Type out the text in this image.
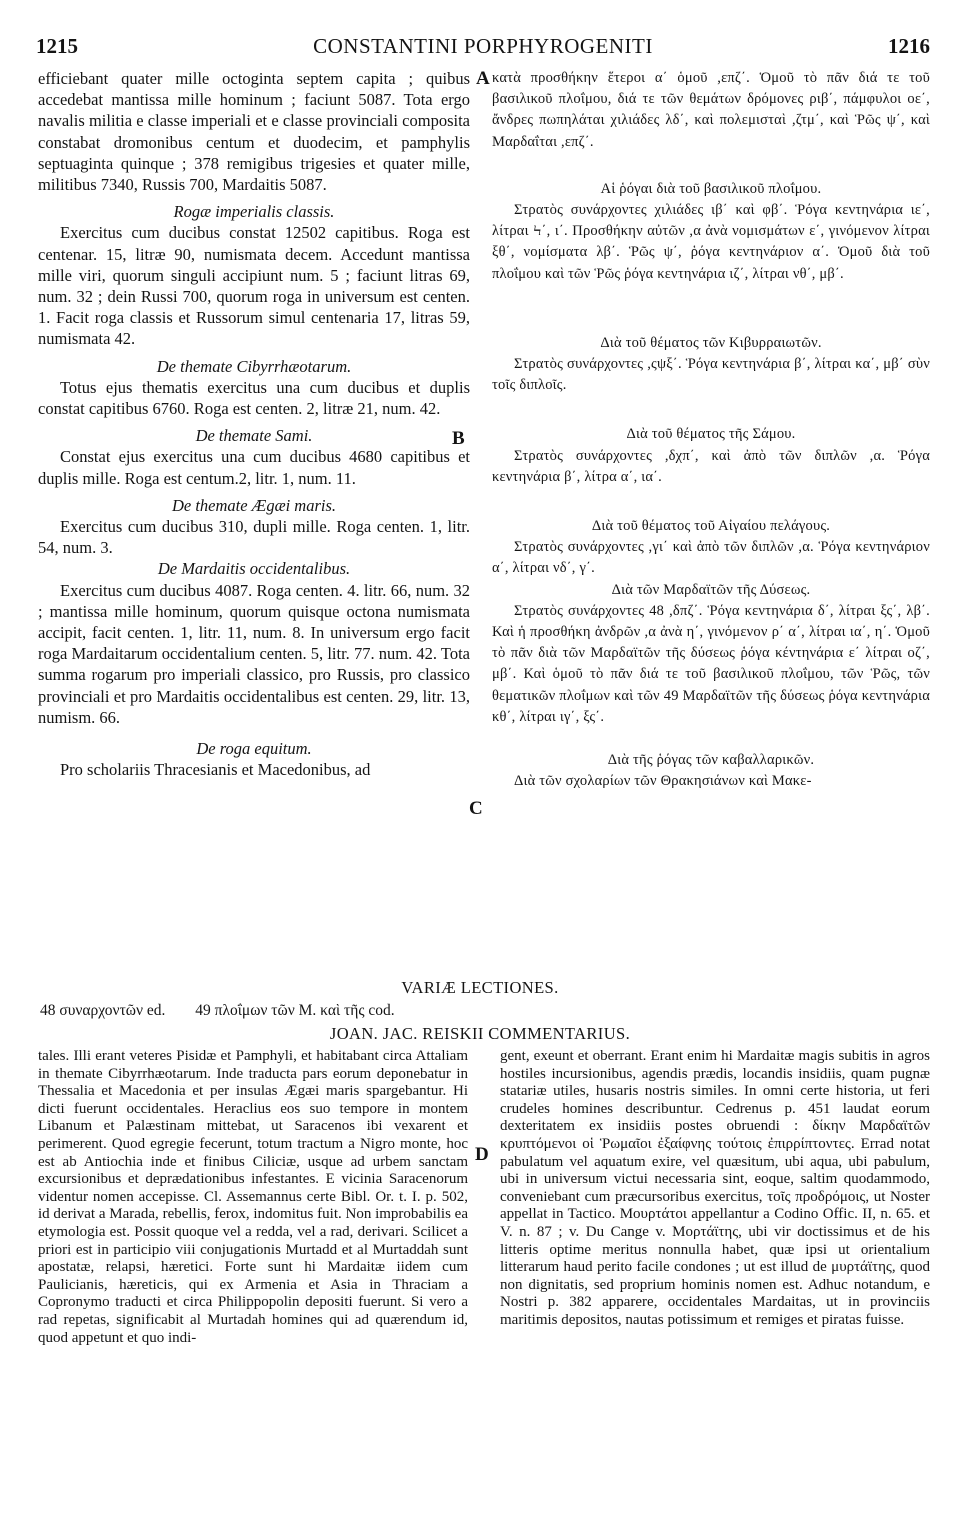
1215	CONSTANTINI PORPHYROGENITI	1216
A
B
C
D

efficiebant quater mille octoginta septem capita ; quibus accedebat mantissa mille hominum ; faciunt 5087. Tota ergo navalis militia e classe imperiali et e classe provinciali composita constabat dromonibus centum et duodecim, et pamphylis septuaginta quinque ; 378 remigibus trigesies et quater mille, militibus 7340, Russis 700, Mardaitis 5087.

Rogæ imperialis classis.

Exercitus cum ducibus constat 12502 capitibus. Roga est centenar. 15, litræ 90, numismata decem. Accedunt mantissa mille viri, quorum singuli accipiunt num. 5 ; faciunt litras 69, num. 32 ; dein Russi 700, quorum roga in universum est centen. 1. Facit roga classis et Russorum simul centenaria 17, litras 59, numismata 42.

De themate Cibyrrhæotarum.

Totus ejus thematis exercitus una cum ducibus et duplis constat capitibus 6760. Roga est centen. 2, litræ 21, num. 42.

De themate Sami.

Constat ejus exercitus una cum ducibus 4680 capitibus et duplis mille. Roga est centum.2, litr. 1, num. 11.

De themate Ægæi maris.

Exercitus cum ducibus 310, dupli mille. Roga centen. 1, litr. 54, num. 3.

De Mardaitis occidentalibus.

Exercitus cum ducibus 4087. Roga centen. 4. litr. 66, num. 32 ; mantissa mille hominum, quorum quisque octona numismata accipit, facit centen. 1, litr. 11, num. 8. In universum ergo facit roga Mardaitarum occidentalium centen. 5, litr. 77. num. 42. Tota summa rogarum pro imperiali classico, pro Russis, pro classico provinciali et pro Mardaitis occidentalibus est centen. 29, litr. 13, numism. 66.

De roga equitum.

Pro scholariis Thracesianis et Macedonibus, ad

κατὰ προσθήκην ἕτεροι α΄ ὁμοῦ ,επζ΄. Ὁμοῦ τὸ πᾶν διά τε τοῦ βασιλικοῦ πλοΐμου, διά τε τῶν θεμάτων δρόμονες ριβ΄, πάμφυλοι οε΄, ἄνδρες πωπηλάται χιλιάδες λδ΄, καὶ πολεμισταὶ ,ζτμ΄, καὶ Ῥῶς ψ΄, καὶ Μαρδαΐται ,επζ΄.

Αἱ ῥόγαι διὰ τοῦ βασιλικοῦ πλοΐμου.

Στρατὸς συνάρχοντες χιλιάδες ιβ΄ καὶ φβ΄. Ῥόγα κεντηνάρια ιε΄, λίτραι Ϟ΄, ι΄. Προσθήκην αὐτῶν ,α ἀνὰ νομισμάτων ε΄, γινόμενον λίτραι ξθ΄, νομίσματα λβ΄. Ῥῶς ψ΄, ῥόγα κεντηνάριον α΄. Ὁμοῦ διὰ τοῦ πλοΐμου καὶ τῶν Ῥῶς ῥόγα κεντηνάρια ιζ΄, λίτραι νθ΄, μβ΄.

Διὰ τοῦ θέματος τῶν Κιβυρραιωτῶν.

Στρατὸς συνάρχοντες ,ςψξ΄. Ῥόγα κεντηνάρια β΄, λίτραι κα΄, μβ΄ σὺν τοῖς διπλοῖς.

Διὰ τοῦ θέματος τῆς Σάμου.

Στρατὸς συνάρχοντες ,δχπ΄, καὶ ἀπὸ τῶν διπλῶν ,α. Ῥόγα κεντηνάρια β΄, λίτρα α΄, ια΄.

Διὰ τοῦ θέματος τοῦ Αἰγαίου πελάγους.

Στρατὸς συνάρχοντες ,γι΄ καὶ ἀπὸ τῶν διπλῶν ,α. Ῥόγα κεντηνάριον α΄, λίτραι νδ΄, γ΄.

Διὰ τῶν Μαρδαϊτῶν τῆς Δύσεως.

Στρατὸς συνάρχοντες 48 ,δπζ΄. Ῥόγα κεντηνάρια δ΄, λίτραι ξς΄, λβ΄. Καὶ ἡ προσθήκη ἀνδρῶν ,α ἀνὰ η΄, γινόμενον ρ΄ α΄, λίτραι ια΄, η΄. Ὁμοῦ τὸ πᾶν διὰ τῶν Μαρδαϊτῶν τῆς δύσεως ῥόγα κέντηνάρια ε΄ λίτραι οζ΄, μβ΄. Καὶ ὁμοῦ τὸ πᾶν διά τε τοῦ βασιλικοῦ πλοΐμου, τῶν Ῥῶς, τῶν θεματικῶν πλοΐμων καὶ τῶν 49 Μαρδαϊτῶν τῆς δύσεως ῥόγα κεντηνάρια κθ΄, λίτραι ιγ΄, ξς΄.

Διὰ τῆς ῥόγας τῶν καβαλλαρικῶν.

Διὰ τῶν σχολαρίων τῶν Θρακησιάνων καὶ Μακε-

VARIÆ LECTIONES.
48 συναρχοντῶν ed. 49 πλοΐμων τῶν M. καὶ τῆς cod.
JOAN. JAC. REISKII COMMENTARIUS.

tales. Illi erant veteres Pisidæ et Pamphyli, et habitabant circa Attaliam in themate Cibyrrhæotarum. Inde traducta pars eorum deponebatur in Thessalia et Macedonia et per insulas Ægæi maris spargebantur. Hi dicti fuerunt occidentales. Heraclius eos suo tempore in montem Libanum et Palæstinam mittebat, ut Saracenos ibi vexarent et perimerent. Quod egregie fecerunt, totum tractum a Nigro monte, hoc est ab Antiochia inde et finibus Ciliciæ, usque ad urbem sanctam excursionibus et deprædationibus infestantes. E vicinia Saracenorum videntur nomen accepisse. Cl. Assemannus certe Bibl. Or. t. I. p. 502, id derivat a Marada, rebellis, ferox, indomitus fuit. Non improbabilis ea etymologia est. Possit quoque vel a redda, vel a rad, derivari. Scilicet a priori est in participio viii conjugationis Murtadd et al Murtaddah sunt apostatæ, relapsi, hæretici. Forte sunt hi Mardaitæ iidem cum Paulicianis, hæreticis, qui ex Armenia et Asia in Thraciam a Copronymo traducti et circa Philippopolin depositi fuerunt. Si vero a rad repetas, significabit al Murtadah homines qui ad quærendum id, quod appetunt et quo indi-

gent, exeunt et oberrant. Erant enim hi Mardaitæ magis subitis in agros hostiles incursionibus, agendis prædis, locandis insidiis, quam pugnæ statariæ utiles, husaris nostris similes. In omni certe historia, ut feri crudeles homines describuntur. Cedrenus p. 451 laudat eorum dexteritatem ex insidiis postes obruendi : δίκην Μαρδαϊτῶν κρυπτόμενοι οἱ Ῥωμαῖοι ἐξαίφνης τούτοις ἐπιρρίπτοντες. Errad notat pabulatum vel aquatum exire, vel quæsitum, ubi aqua, ubi pabulum, ubi in universum victui necessaria sint, eoque, saltim quodammodo, conveniebant cum præcursoribus exercitus, τοῖς προδρόμοις, ut Noster appellat in Tactico. Μουρτάτοι appellantur a Codino Offic. II, n. 65. et V. n. 87 ; v. Du Cange v. Μορτάϊτης, ubi vir doctissimus et de his litteris optime meritus nonnulla habet, quæ ipsi ut orientalium litterarum haud perito facile condones ; ut est illud de μυρτάϊτης, quod non dignitatis, sed proprium hominis nomen est. Adhuc notandum, e Nostri p. 382 apparere, occidentales Mardaitas, ut in provinciis maritimis depositos, nautas potissimum et remiges et piratas fuisse.
